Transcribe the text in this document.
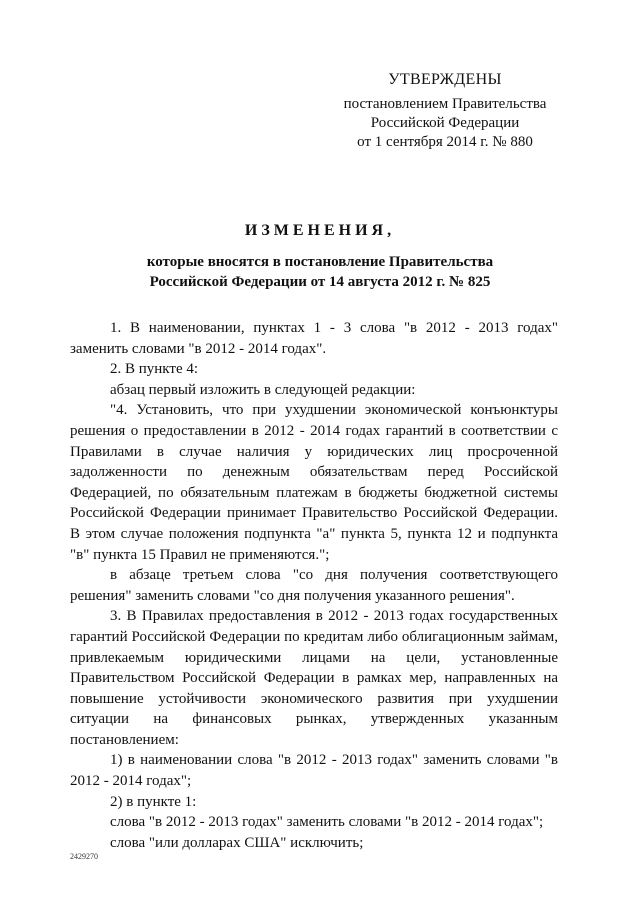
УТВЕРЖДЕНЫ
постановлением Правительства
Российской Федерации
от 1 сентября 2014 г. № 880
ИЗМЕНЕНИЯ,
которые вносятся в постановление Правительства
Российской Федерации от 14 августа 2012 г. № 825

1. В наименовании, пунктах 1 - 3 слова "в 2012 - 2013 годах" заменить словами "в 2012 - 2014 годах".

2. В пункте 4:

абзац первый изложить в следующей редакции:

"4. Установить, что при ухудшении экономической конъюнктуры решения о предоставлении в 2012 - 2014 годах гарантий в соответствии с Правилами в случае наличия у юридических лиц просроченной задолженности по денежным обязательствам перед Российской Федерацией, по обязательным платежам в бюджеты бюджетной системы Российской Федерации принимает Правительство Российской Федерации. В этом случае положения подпункта "а" пункта 5, пункта 12 и подпункта "в" пункта 15 Правил не применяются.";

в абзаце третьем слова "со дня получения соответствующего решения" заменить словами "со дня получения указанного решения".

3. В Правилах предоставления в 2012 - 2013 годах государственных гарантий Российской Федерации по кредитам либо облигационным займам, привлекаемым юридическими лицами на цели, установленные Правительством Российской Федерации в рамках мер, направленных на повышение устойчивости экономического развития при ухудшении ситуации на финансовых рынках, утвержденных указанным постановлением:

1) в наименовании слова "в 2012 - 2013 годах" заменить словами "в 2012 - 2014 годах";

2) в пункте 1:

слова "в 2012 - 2013 годах" заменить словами "в 2012 - 2014 годах";

слова "или долларах США" исключить;

2429270
